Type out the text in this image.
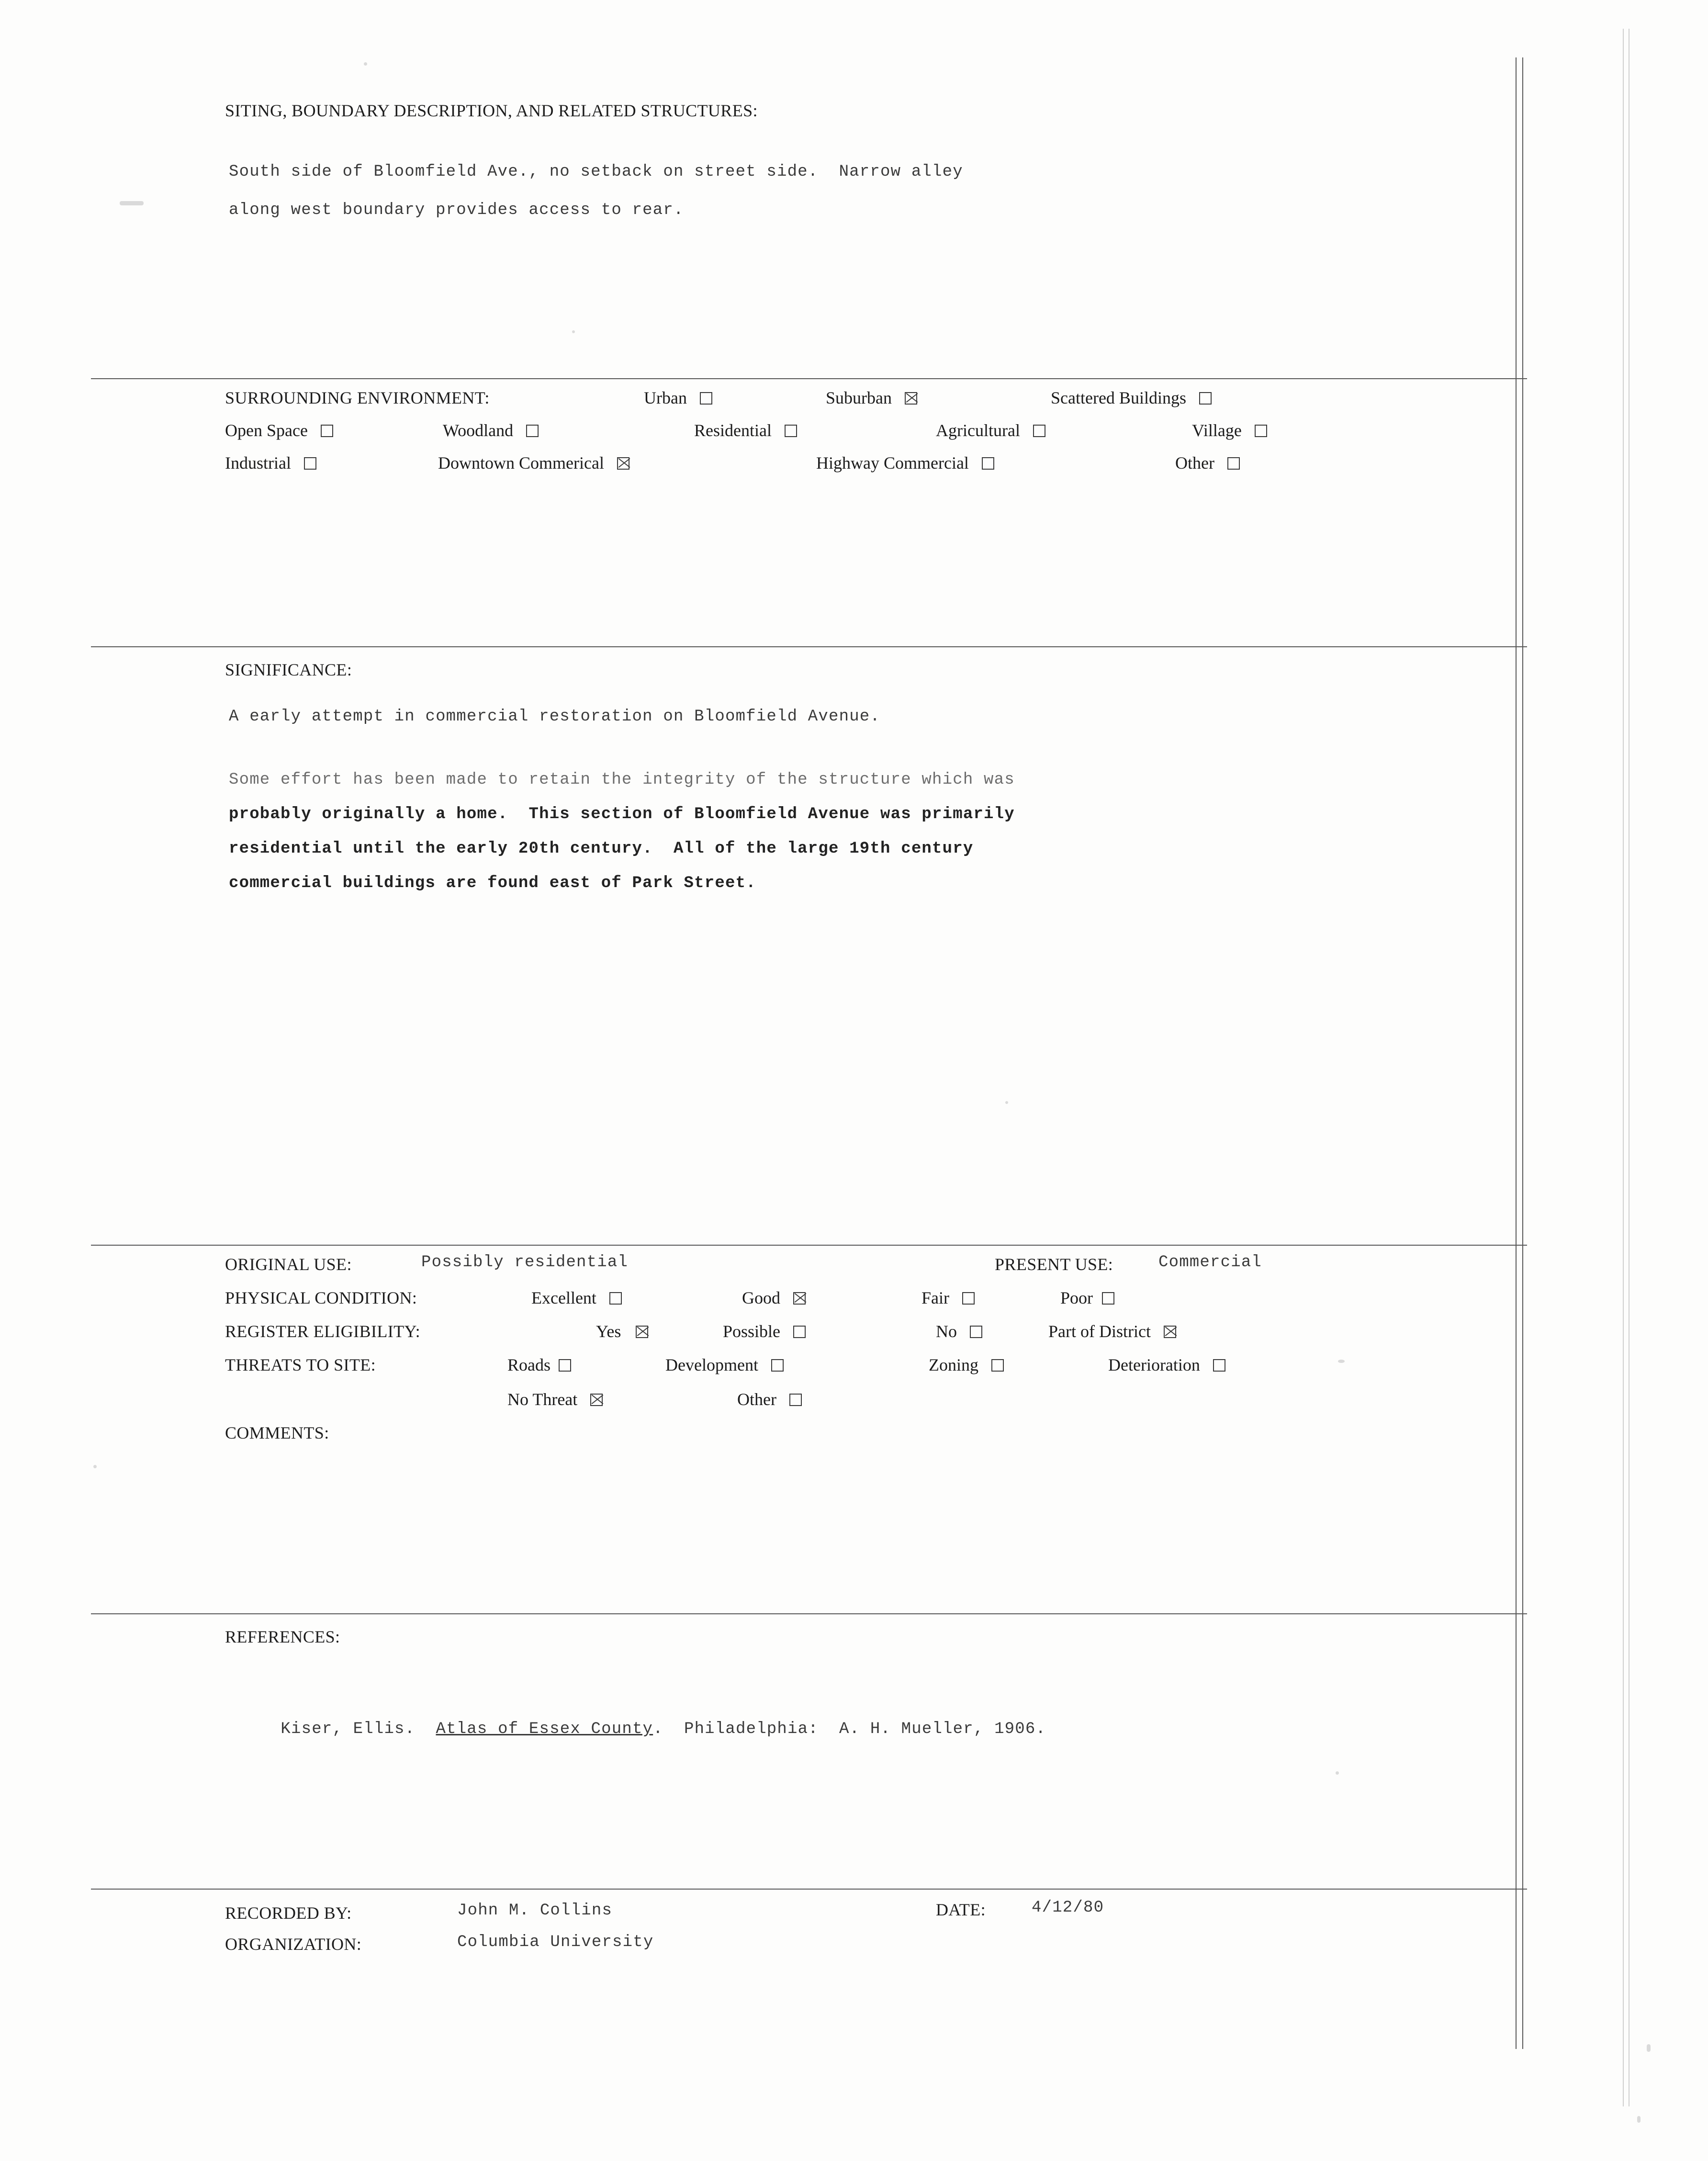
SITING, BOUNDARY DESCRIPTION, AND RELATED STRUCTURES:
South side of Bloomfield Ave., no setback on street side.  Narrow alley
along west boundary provides access to rear.
SURROUNDING ENVIRONMENT:	Urban	Suburban	Scattered Buildings
Open Space	Woodland	Residential	Agricultural	Village
Industrial	Downtown Commerical	Highway Commercial	Other
SIGNIFICANCE:
A early attempt in commercial restoration on Bloomfield Avenue.
Some effort has been made to retain the integrity of the structure which was
probably originally a home.  This section of Bloomfield Avenue was primarily
residential until the early 20th century.  All of the large 19th century
commercial buildings are found east of Park Street.
ORIGINAL USE:	Possibly residential	PRESENT USE:	Commercial
PHYSICAL CONDITION:	Excellent	Good	Fair	Poor
REGISTER ELIGIBILITY:	Yes	Possible	No	Part of District
THREATS TO SITE:	Roads	Development	Zoning	Deterioration
No Threat	Other
COMMENTS:
REFERENCES:

Kiser, Ellis.  Atlas of Essex County.  Philadelphia:  A. H. Mueller, 1906.

RECORDED BY:	John M. Collins	DATE:	4/12/80
ORGANIZATION:	Columbia University
